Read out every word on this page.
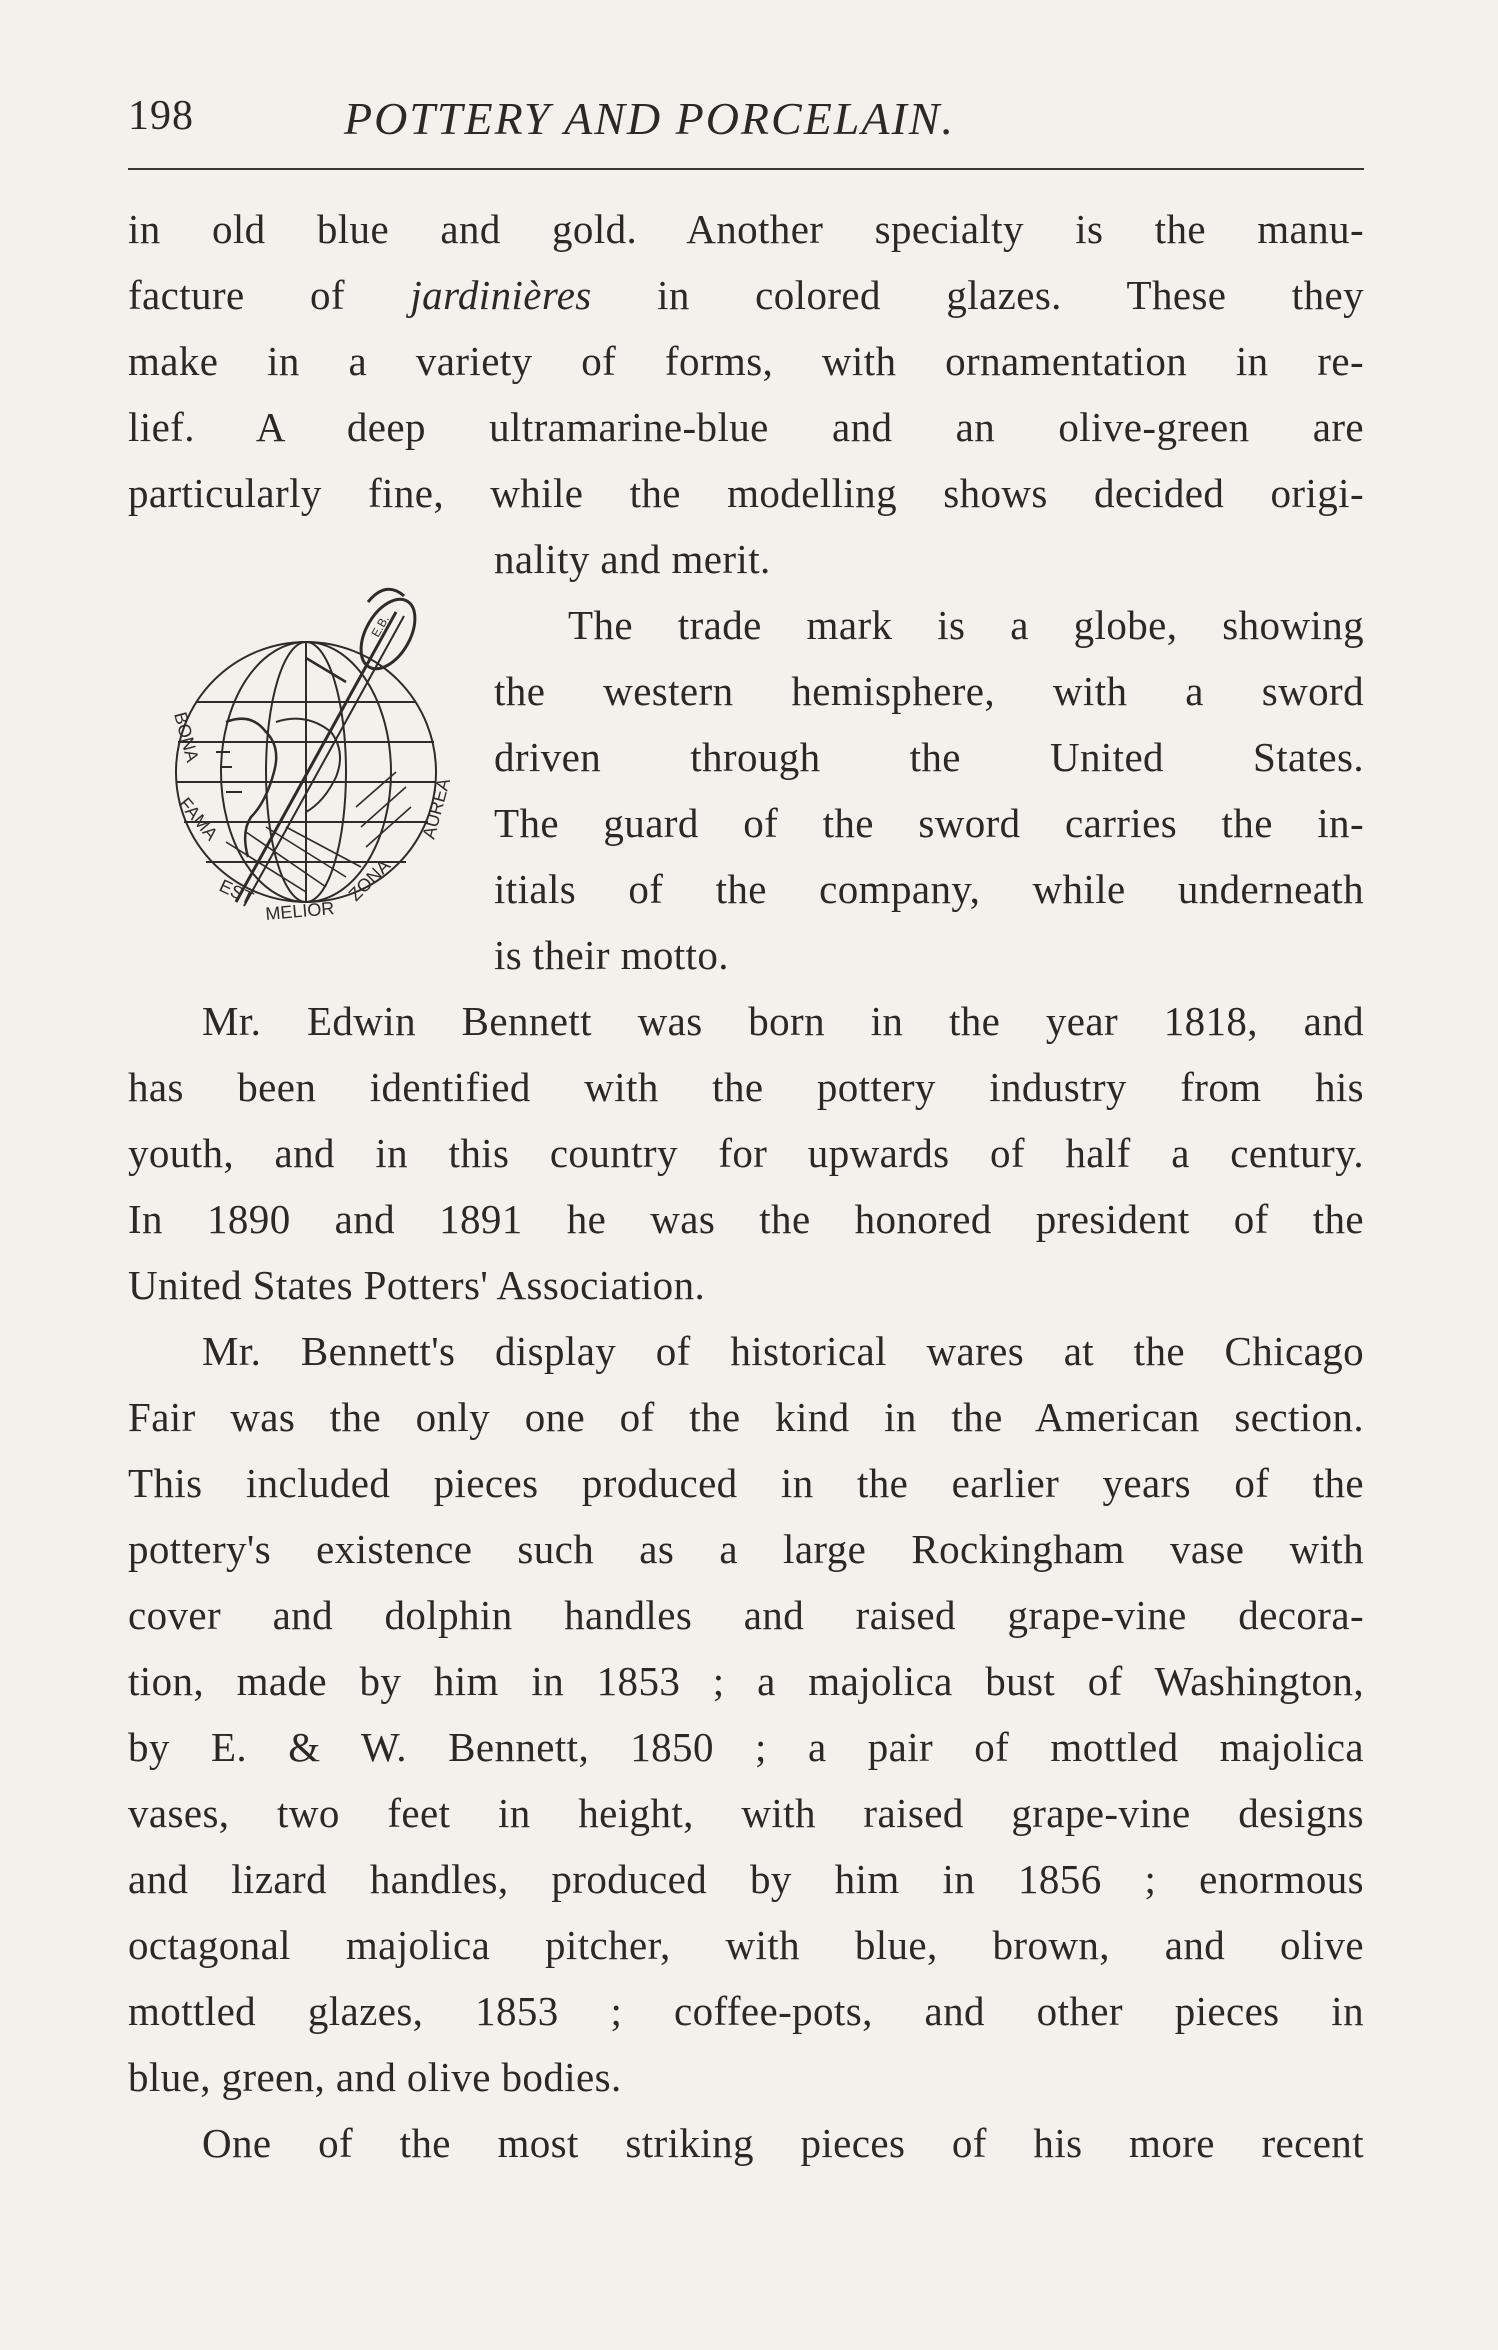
198	POTTERY AND PORCELAIN.
in old blue and gold. Another specialty is the manu-
facture of jardinières in colored glazes. These they
make in a variety of forms, with ornamentation in re-
lief. A deep ultramarine-blue and an olive-green are
particularly fine, while the modelling shows decided origi-
BONA
FAMA
EST
MELIOR
ZONA
AUREA
E.B.
nality and merit.
The trade mark is a globe, showing
the western hemisphere, with a sword
driven through the United States.
The guard of the sword carries the in-
itials of the company, while underneath
is their motto.
Mr. Edwin Bennett was born in the year 1818, and
has been identified with the pottery industry from his
youth, and in this country for upwards of half a century.
In 1890 and 1891 he was the honored president of the
United States Potters' Association.
Mr. Bennett's display of historical wares at the Chicago
Fair was the only one of the kind in the American section.
This included pieces produced in the earlier years of the
pottery's existence such as a large Rockingham vase with
cover and dolphin handles and raised grape-vine decora-
tion, made by him in 1853 ; a majolica bust of Washington,
by E. & W. Bennett, 1850 ; a pair of mottled majolica
vases, two feet in height, with raised grape-vine designs
and lizard handles, produced by him in 1856 ; enormous
octagonal majolica pitcher, with blue, brown, and olive
mottled glazes, 1853 ; coffee-pots, and other pieces in
blue, green, and olive bodies.
One of the most striking pieces of his more recent
